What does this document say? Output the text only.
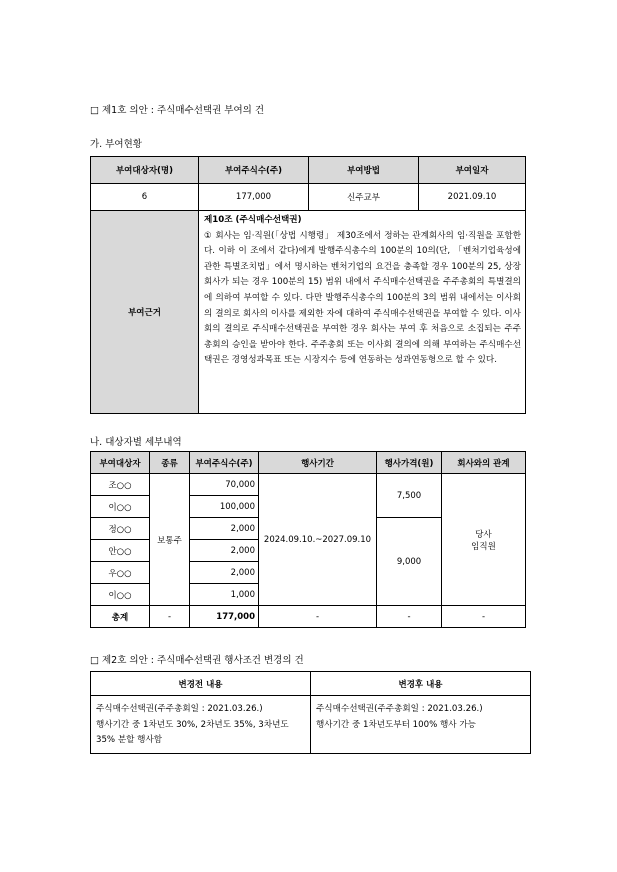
□ 제1호 의안 : 주식매수선택권 부여의 건
가. 부여현황
부여대상자(명)	부여주식수(주)	부여방법	부여일자
6	177,000	신주교부	2021.09.10
부여근거	제10조 (주식매수선택권)
① 회사는 임·직원(「상법 시행령」 제30조에서 정하는 관계회사의 임·직원을 포함한다. 이하 이 조에서 같다)에게 발행주식총수의 100분의 10의(단, 「벤처기업육성에 관한 특별조치법」에서 명시하는 벤처기업의 요건을 충족할 경우 100분의 25, 상장회사가 되는 경우 100분의 15) 범위 내에서 주식매수선택권을 주주총회의 특별결의에 의하여 부여할 수 있다. 다만 발행주식총수의 100분의 3의 범위 내에서는 이사회의 결의로 회사의 이사를 제외한 자에 대하여 주식매수선택권을 부여할 수 있다. 이사회의 결의로 주식매수선택권을 부여한 경우 회사는 부여 후 처음으로 소집되는 주주총회의 승인을 받아야 한다. 주주총회 또는 이사회 결의에 의해 부여하는 주식매수선택권은 경영성과목표 또는 시장지수 등에 연동하는 성과연동형으로 할 수 있다.		
나. 대상자별 세부내역
부여대상자	종류	부여주식수(주)	행사기간	행사가격(원)	회사와의 관계
조○○	보통주	70,000	2024.09.10.~2027.09.10	7,500	당사
임직원

이○○		100,000			
정○○		2,000		9,000	
안○○		2,000			
우○○		2,000			
이○○		1,000			
총계	-	177,000	-	-	-
□ 제2호 의안 : 주식매수선택권 행사조건 변경의 건
변경전 내용	변경후 내용

주식매수선택권(주주총회일 : 2021.03.26.)
행사기간 중 1차년도 30%, 2차년도 35%, 3차년도 35% 분할 행사함	주식매수선택권(주주총회일 : 2021.03.26.)
행사기간 중 1차년도부터 100% 행사 가능
